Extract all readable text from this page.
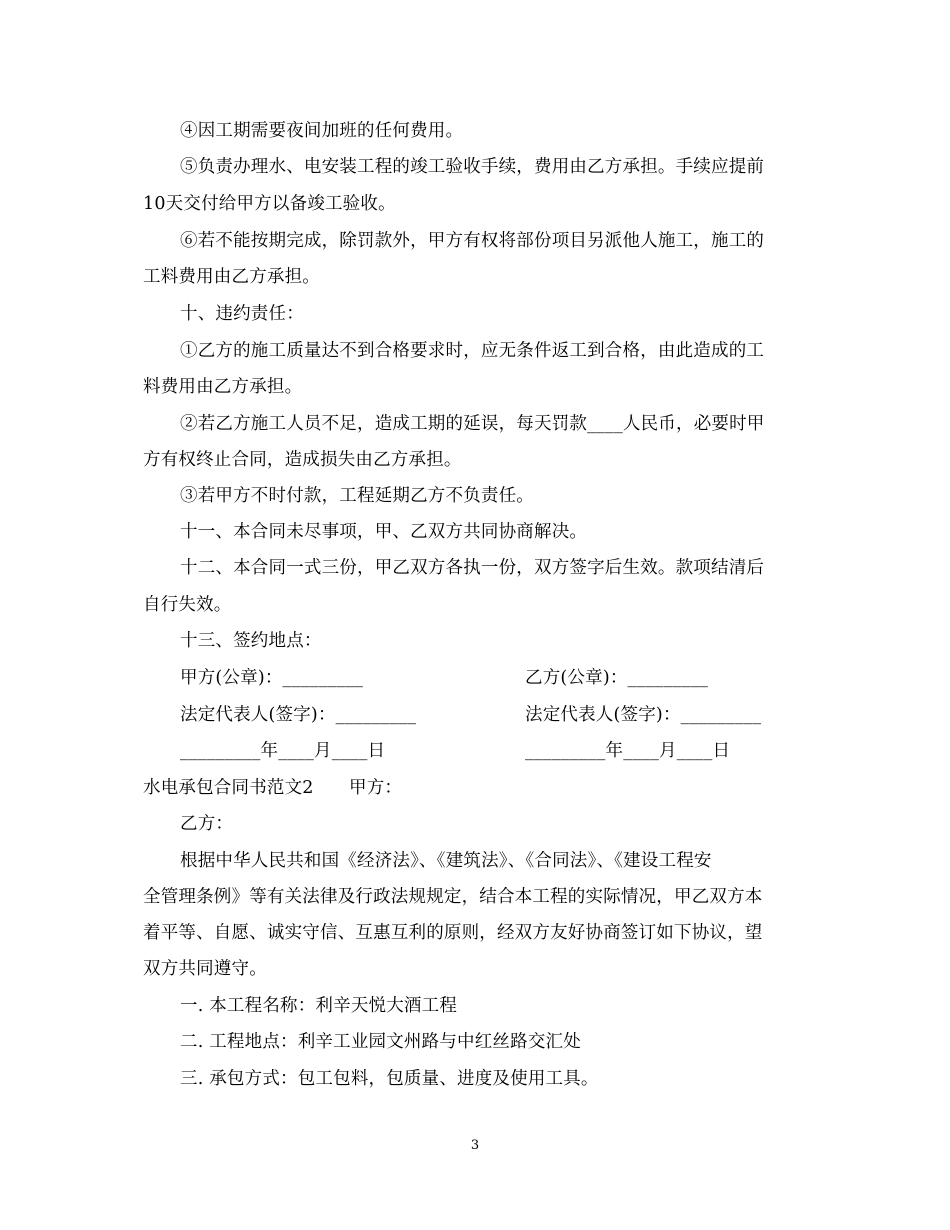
④因工期需要夜间加班的任何费用。
⑤负责办理水、电安装工程的竣工验收手续，费用由乙方承担。手续应提前
10天交付给甲方以备竣工验收。
⑥若不能按期完成，除罚款外，甲方有权将部份项目另派他人施工，施工的
工料费用由乙方承担。
十、违约责任：
①乙方的施工质量达不到合格要求时，应无条件返工到合格，由此造成的工
料费用由乙方承担。
②若乙方施工人员不足，造成工期的延误，每天罚款____人民币，必要时甲
方有权终止合同，造成损失由乙方承担。
③若甲方不时付款，工程延期乙方不负责任。
十一、本合同未尽事项，甲、乙双方共同协商解决。
十二、本合同一式三份，甲乙双方各执一份，双方签字后生效。款项结清后
自行失效。
十三、签约地点：
甲方(公章)：_________	乙方(公章)：_________
法定代表人(签字)：_________	法定代表人(签字)：_________
_________年____月____日	_________年____月____日
水电承包合同书范文2　　甲方：
乙方：
根据中华人民共和国《经济法》、《建筑法》、《合同法》、《建设工程安
全管理条例》等有关法律及行政法规规定，结合本工程的实际情况，甲乙双方本
着平等、自愿、诚实守信、互惠互利的原则，经双方友好协商签订如下协议，望
双方共同遵守。
一. 本工程名称：利辛天悦大酒工程
二. 工程地点：利辛工业园文州路与中红丝路交汇处
三. 承包方式：包工包料，包质量、进度及使用工具。
3
